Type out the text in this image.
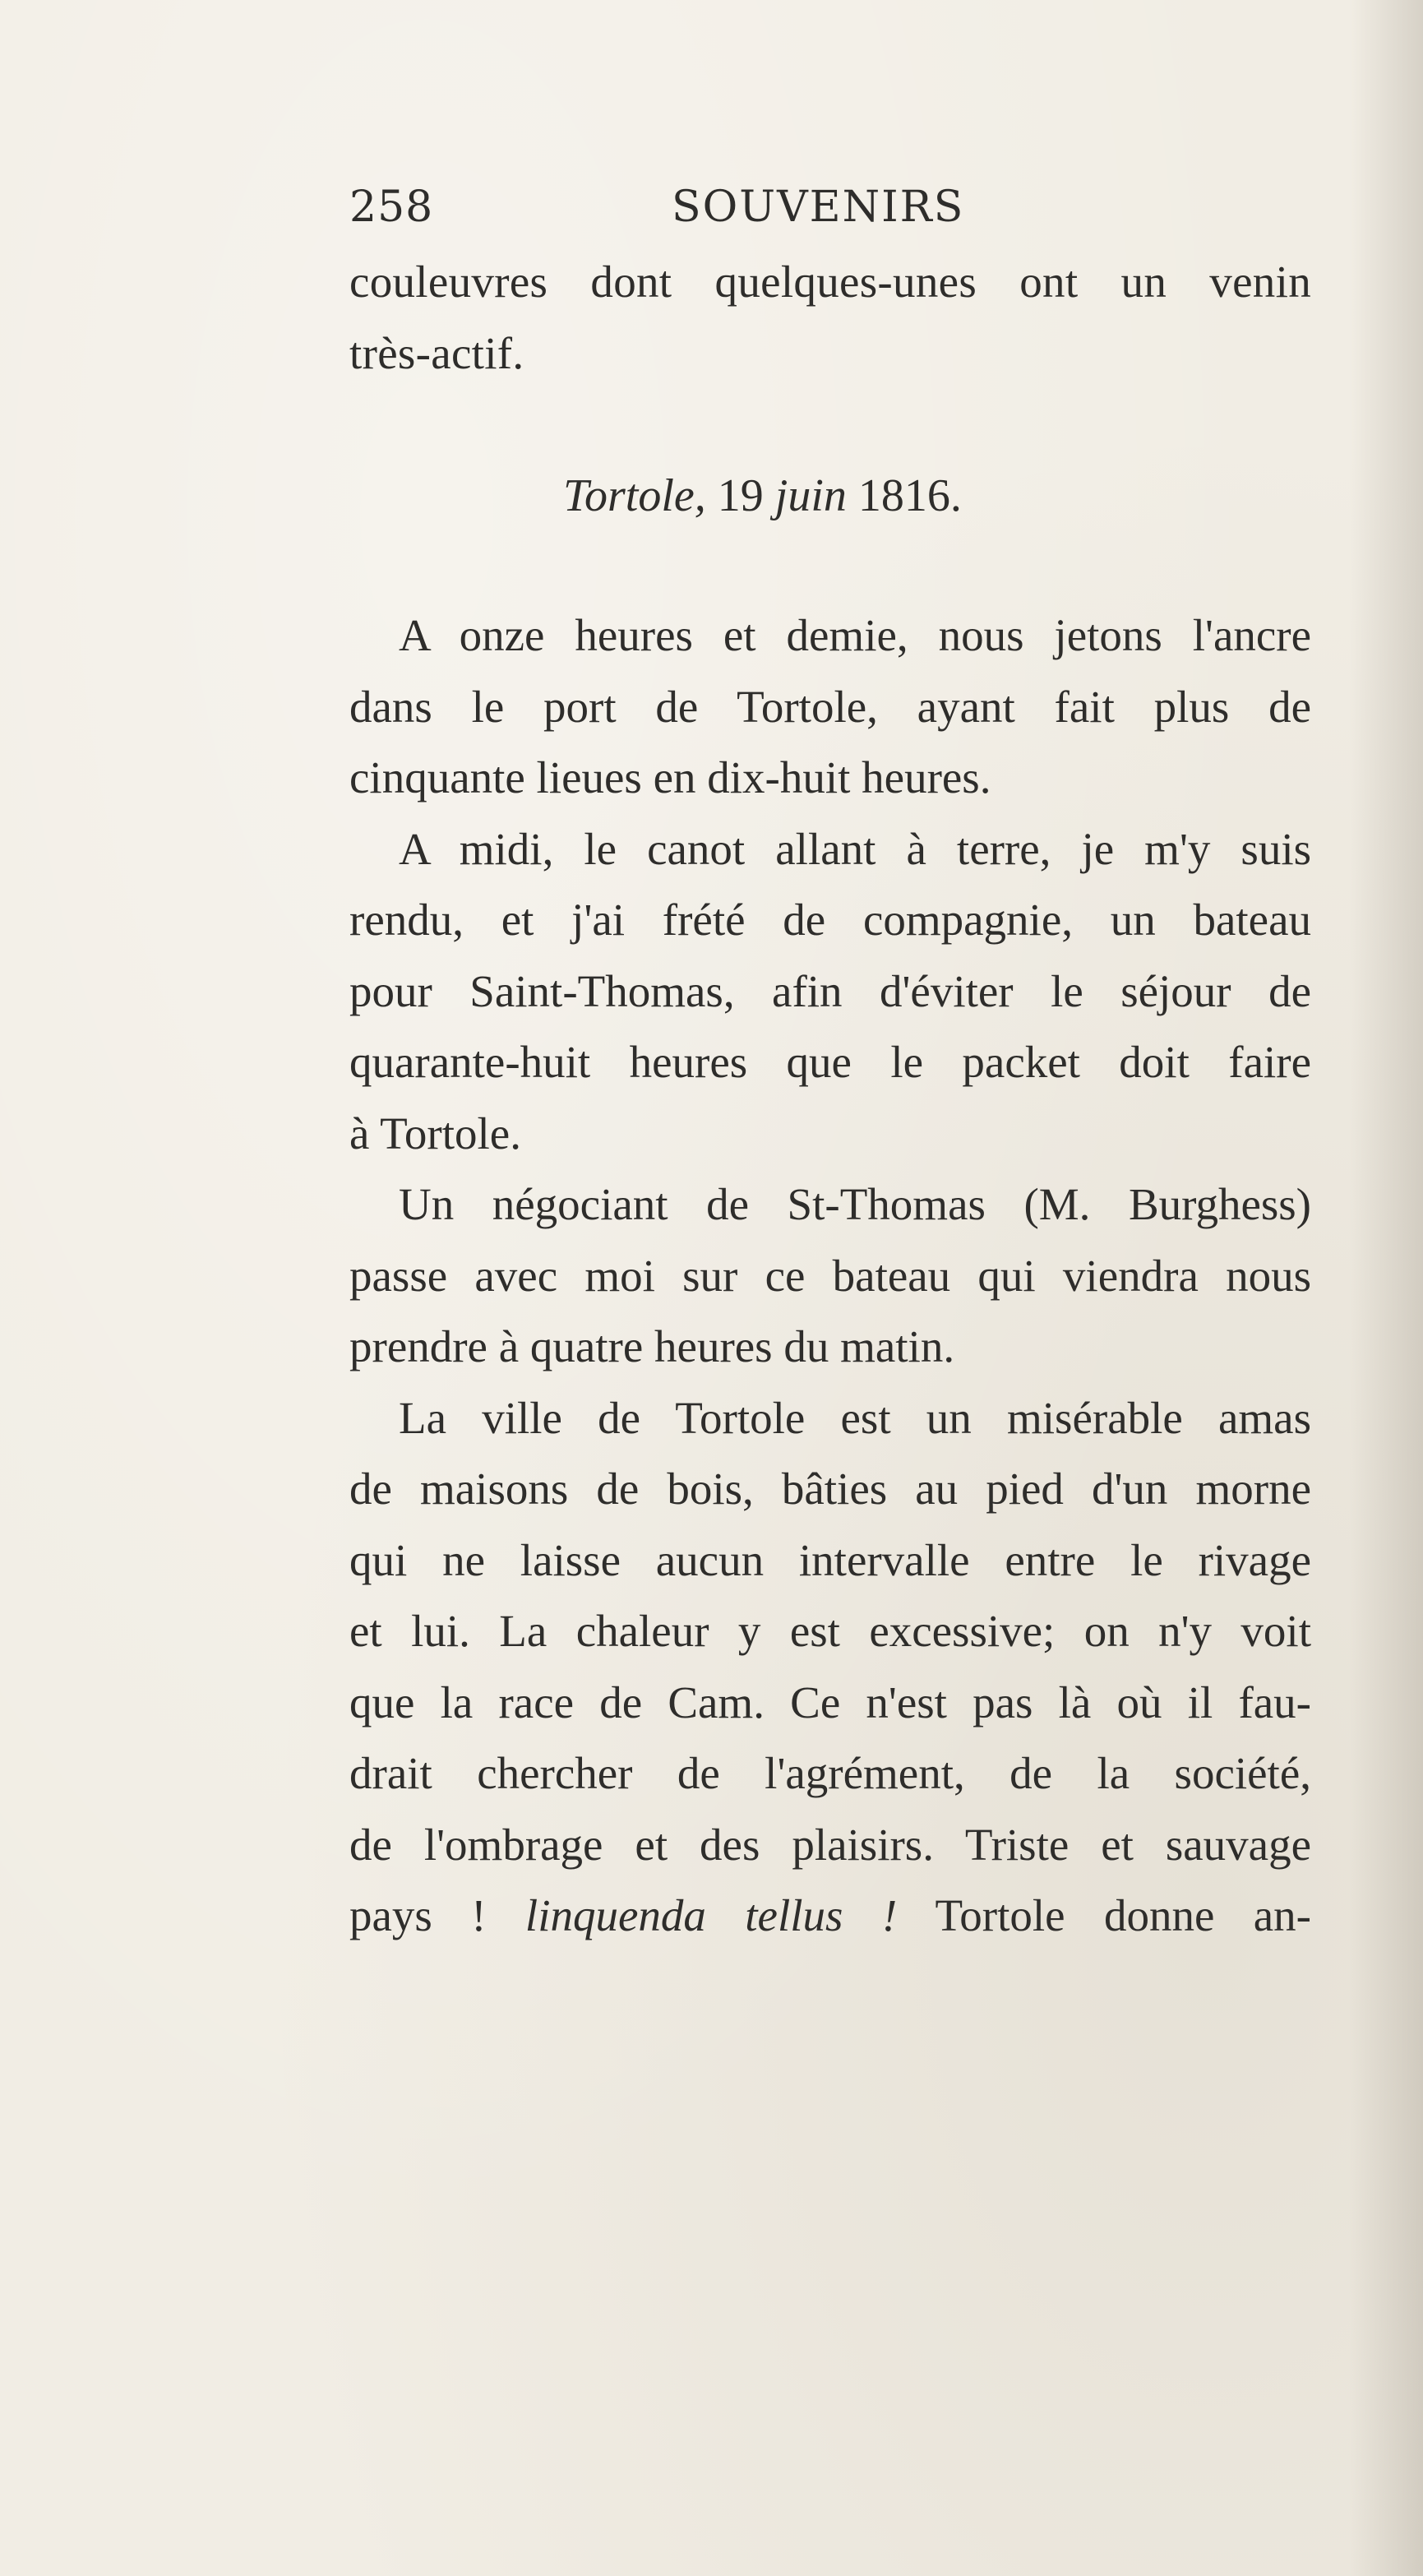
258	SOUVENIRS
couleuvres dont quelques-unes ont un venin
très-actif.
Tortole, 19 juin 1816.
A onze heures et demie, nous jetons l'ancre
dans le port de Tortole, ayant fait plus de
cinquante lieues en dix-huit heures.
A midi, le canot allant à terre, je m'y suis
rendu, et j'ai frété de compagnie, un bateau
pour Saint-Thomas, afin d'éviter le séjour de
quarante-huit heures que le packet doit faire
à Tortole.
Un négociant de St-Thomas (M. Burghess)
passe avec moi sur ce bateau qui viendra nous
prendre à quatre heures du matin.
La ville de Tortole est un misérable amas
de maisons de bois, bâties au pied d'un morne
qui ne laisse aucun intervalle entre le rivage
et lui. La chaleur y est excessive; on n'y voit
que la race de Cam. Ce n'est pas là où il fau-
drait chercher de l'agrément, de la société,
de l'ombrage et des plaisirs. Triste et sauvage
pays ! linquenda tellus ! Tortole donne an-
